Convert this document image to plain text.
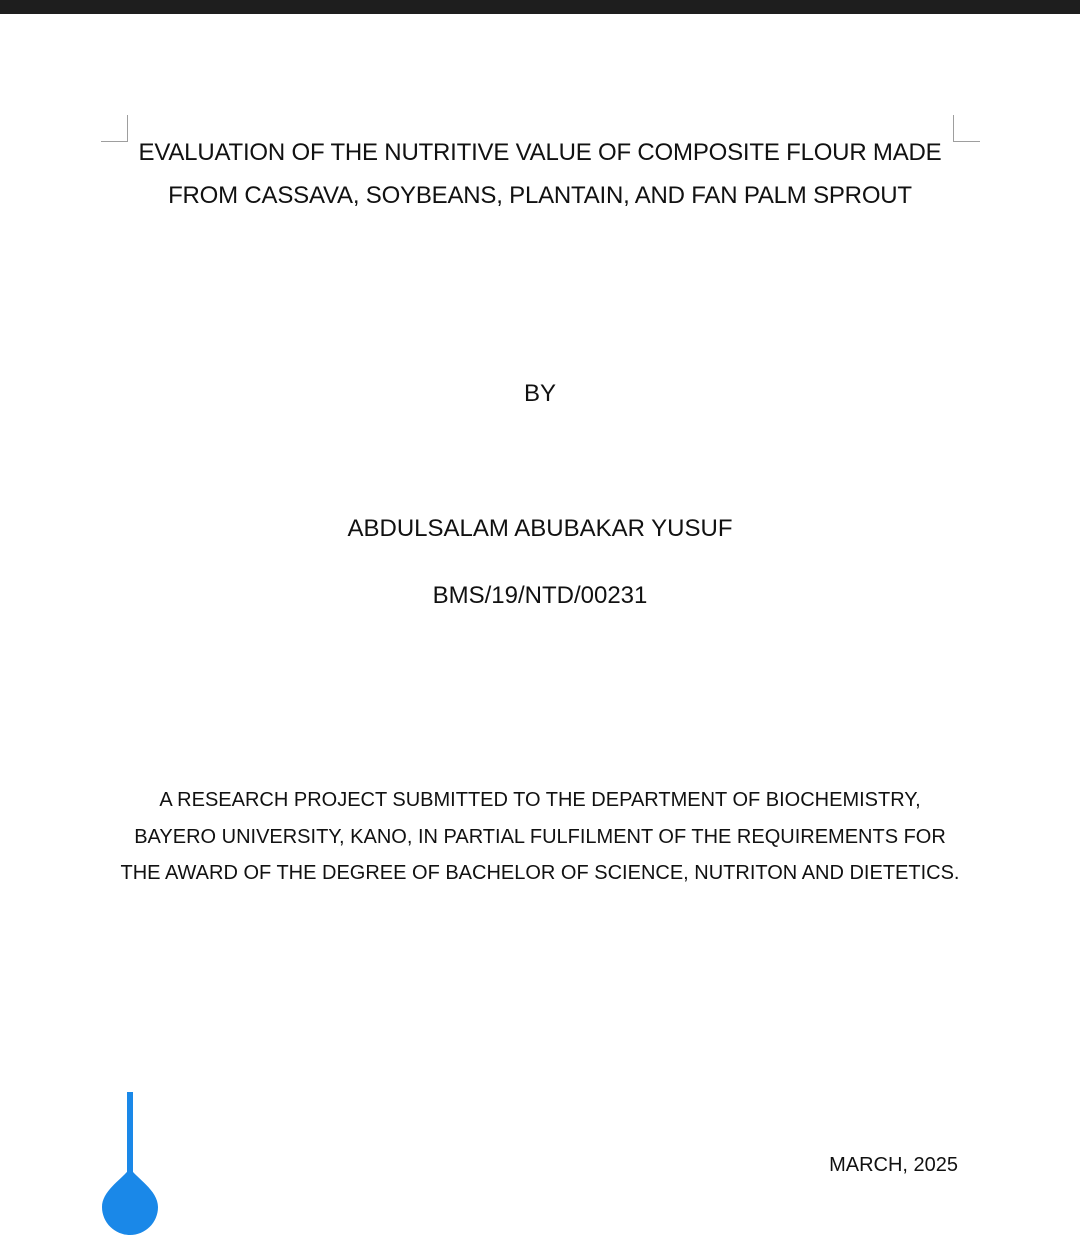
EVALUATION OF THE NUTRITIVE VALUE OF COMPOSITE FLOUR MADE
FROM CASSAVA, SOYBEANS, PLANTAIN, AND FAN PALM SPROUT
BY
ABDULSALAM ABUBAKAR YUSUF
BMS/19/NTD/00231
A RESEARCH PROJECT SUBMITTED TO THE DEPARTMENT OF BIOCHEMISTRY,
BAYERO UNIVERSITY, KANO, IN PARTIAL FULFILMENT OF THE REQUIREMENTS FOR
THE AWARD OF THE DEGREE OF BACHELOR OF SCIENCE, NUTRITON AND DIETETICS.
MARCH, 2025
